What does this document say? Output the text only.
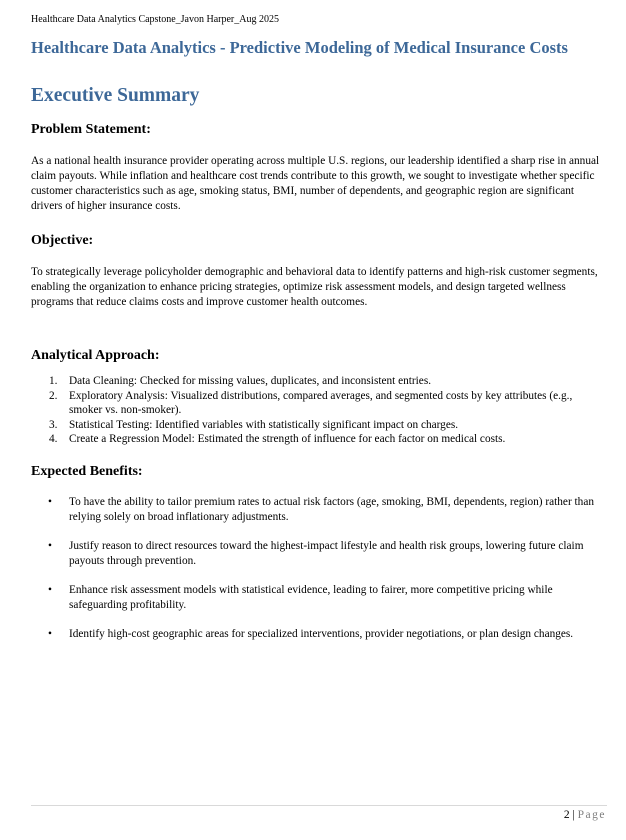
Healthcare Data Analytics Capstone_Javon Harper_Aug 2025
Healthcare Data Analytics - Predictive Modeling of Medical Insurance Costs
Executive Summary
Problem Statement:
As a national health insurance provider operating across multiple U.S. regions, our leadership identified a sharp rise in annual claim payouts. While inflation and healthcare cost trends contribute to this growth, we sought to investigate whether specific customer characteristics such as age, smoking status, BMI, number of dependents, and geographic region are significant drivers of higher insurance costs.
Objective:
To strategically leverage policyholder demographic and behavioral data to identify patterns and high-risk customer segments, enabling the organization to enhance pricing strategies, optimize risk assessment models, and design targeted wellness programs that reduce claims costs and improve customer health outcomes.
Analytical Approach:
1. Data Cleaning: Checked for missing values, duplicates, and inconsistent entries.
2. Exploratory Analysis: Visualized distributions, compared averages, and segmented costs by key attributes (e.g., smoker vs. non-smoker).
3. Statistical Testing: Identified variables with statistically significant impact on charges.
4. Create a Regression Model: Estimated the strength of influence for each factor on medical costs.
Expected Benefits:
• To have the ability to tailor premium rates to actual risk factors (age, smoking, BMI, dependents, region) rather than relying solely on broad inflationary adjustments.
• Justify reason to direct resources toward the highest-impact lifestyle and health risk groups, lowering future claim payouts through prevention.
• Enhance risk assessment models with statistical evidence, leading to fairer, more competitive pricing while safeguarding profitability.
• Identify high-cost geographic areas for specialized interventions, provider negotiations, or plan design changes.
2 | Page
